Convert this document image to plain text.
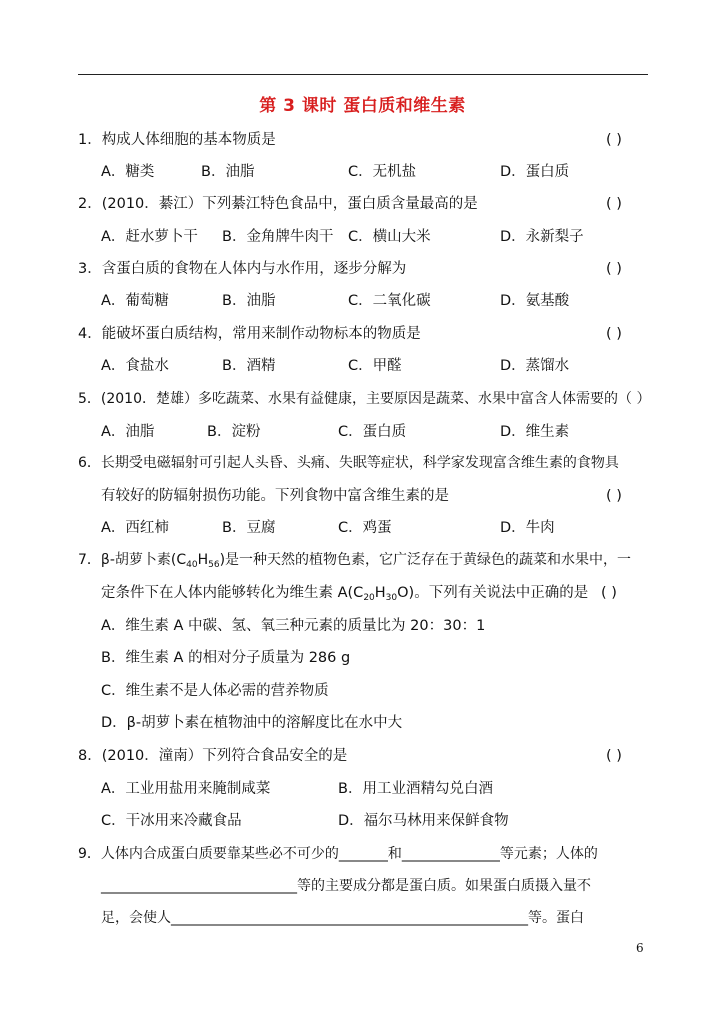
第 3 课时 蛋白质和维生素
1．构成人体细胞的基本物质是	( )
A．糖类	B．油脂	C．无机盐	D．蛋白质
2．(2010．綦江）下列綦江特色食品中，蛋白质含量最高的是	( )
A．赶水萝卜干 B．金角牌牛肉干 C．横山大米	D．永新梨子
3．含蛋白质的食物在人体内与水作用，逐步分解为	( )
A．葡萄糖	B．油脂	C．二氧化碳	D．氨基酸
4．能破坏蛋白质结构，常用来制作动物标本的物质是	( )
A．食盐水	B．酒精	C．甲醛	D．蒸馏水
5．(2010．楚雄）多吃蔬菜、水果有益健康，主要原因是蔬菜、水果中富含人体需要的（ ）
A．油脂	B．淀粉	C．蛋白质	D．维生素
6．长期受电磁辐射可引起人头昏、头痛、失眠等症状，科学家发现富含维生素的食物具
有较好的防辐射损伤功能。下列食物中富含维生素的是	( )
A．西红柿	B．豆腐	C．鸡蛋	D．牛肉
7．β-胡萝卜素$(C_{40}H_{56})$是一种天然的植物色素，它广泛存在于黄绿色的蔬菜和水果中，一
定条件下在人体内能够转化为维生素 $A(C_{20}H_{30}O)$。下列有关说法中正确的是 ( )
A．维生素 A 中碳、氢、氧三种元素的质量比为 20：30：1
B．维生素 A 的相对分子质量为 286 g
C．维生素不是人体必需的营养物质
D．β-胡萝卜素在植物油中的溶解度比在水中大
8．(2010．潼南）下列符合食品安全的是	( )
A．工业用盐用来腌制咸菜	B．用工业酒精勾兑白酒
C．干冰用来冷藏食品	D．福尔马林用来保鲜食物
9．人体内合成蛋白质要靠某些必不可少的_______和______________等元素；人体的
____________________________等的主要成分都是蛋白质。如果蛋白质摄入量不
足，会使人___________________________________________________等。蛋白
6
